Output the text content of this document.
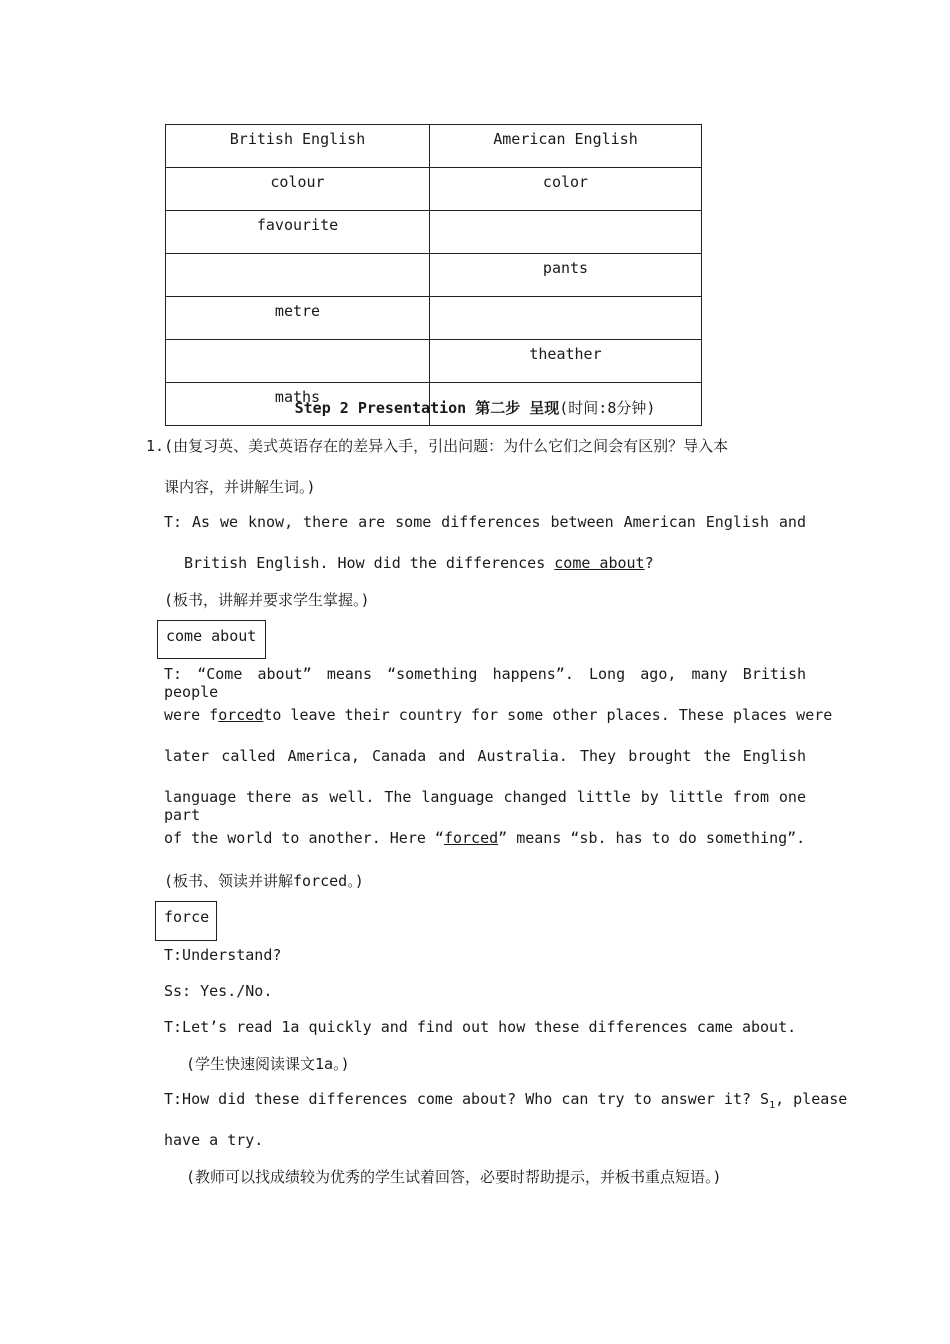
British English	American English
colour	color
favourite	
	pants
metre	
	theather
maths	
Step 2 Presentation 第二步 呈现(时间:8分钟)
1.(由复习英、美式英语存在的差异入手，引出问题：为什么它们之间会有区别？导入本
课内容，并讲解生词。)
T: As we know, there are some differences between American English and
British English. How did the differences come about?
(板书，讲解并要求学生掌握。)
come about
T: “Come about” means “something happens”. Long ago, many British people
were forced to leave their country for some other places. These places were
later called America, Canada and Australia. They brought the English
language there as well. The language changed little by little from one part
of the world to another. Here “forced” means “sb. has to do something”.
(板书、领读并讲解forced。)
force
T:Understand?
Ss: Yes./No.
T:Let’s read 1a quickly and find out how these differences came about.
(学生快速阅读课文1a。)
T:How did these differences come about? Who can try to answer it? $S_1$, please
have a try.
(教师可以找成绩较为优秀的学生试着回答，必要时帮助提示，并板书重点短语。)
